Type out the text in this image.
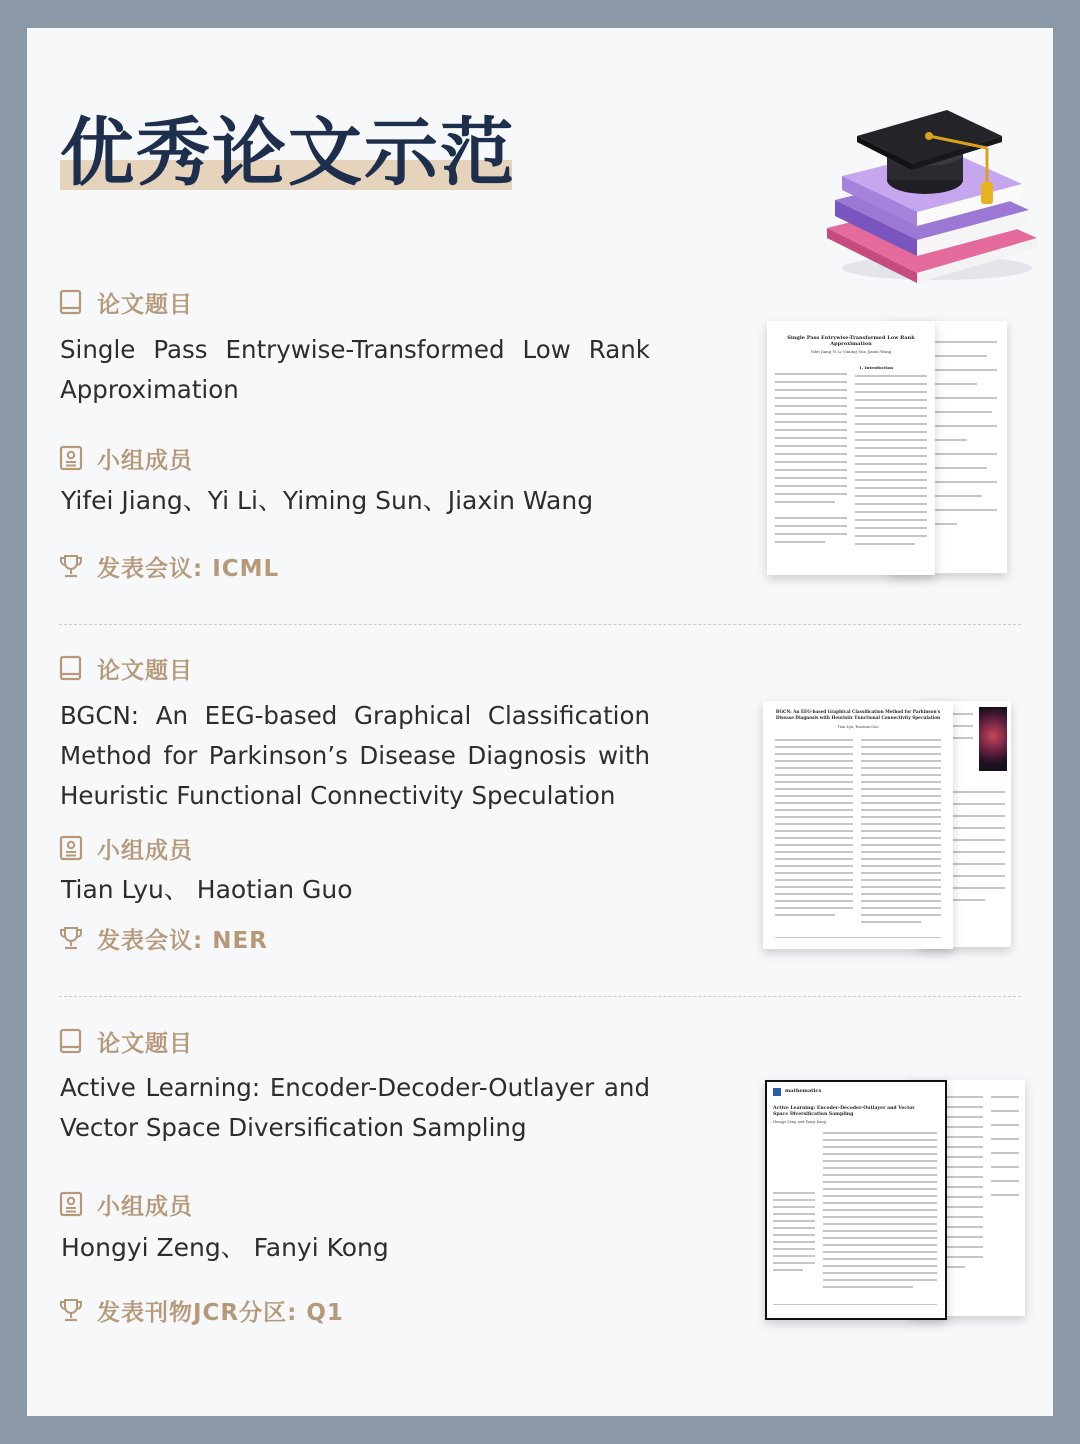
优秀论文示范
论文题目

Single Pass Entrywise-Transformed Low Rank Approximation

小组成员

Yifei Jiang、Yi Li、Yiming Sun、Jiaxin Wang

发表会议: ICML
Single Pass Entrywise-Transformed Low Rank Approximation
Yifei Jiang Yi Li Yiming Sun Jiaxin Wang
1. Introduction
论文题目

BGCN: An EEG-based Graphical Classification Method for Parkinson’s Disease Diagnosis with Heuristic Functional Connectivity Speculation

小组成员

Tian Lyu、 Haotian Guo

发表会议: NER
BGCN: An EEG-based Graphical Classification Method for Parkinson's Disease Diagnosis with Heuristic Functional Connectivity Speculation
Tian Lyu, Haotian Guo
论文题目

Active Learning: Encoder-Decoder-Outlayer and Vector Space Diversification Sampling

小组成员

Hongyi Zeng、 Fanyi Kong

发表刊物JCR分区: Q1
mathematics
Active Learning: Encoder-Decoder-Outlayer and Vector Space Diversification Sampling
Hongyi Zeng and Fanyi Kong
